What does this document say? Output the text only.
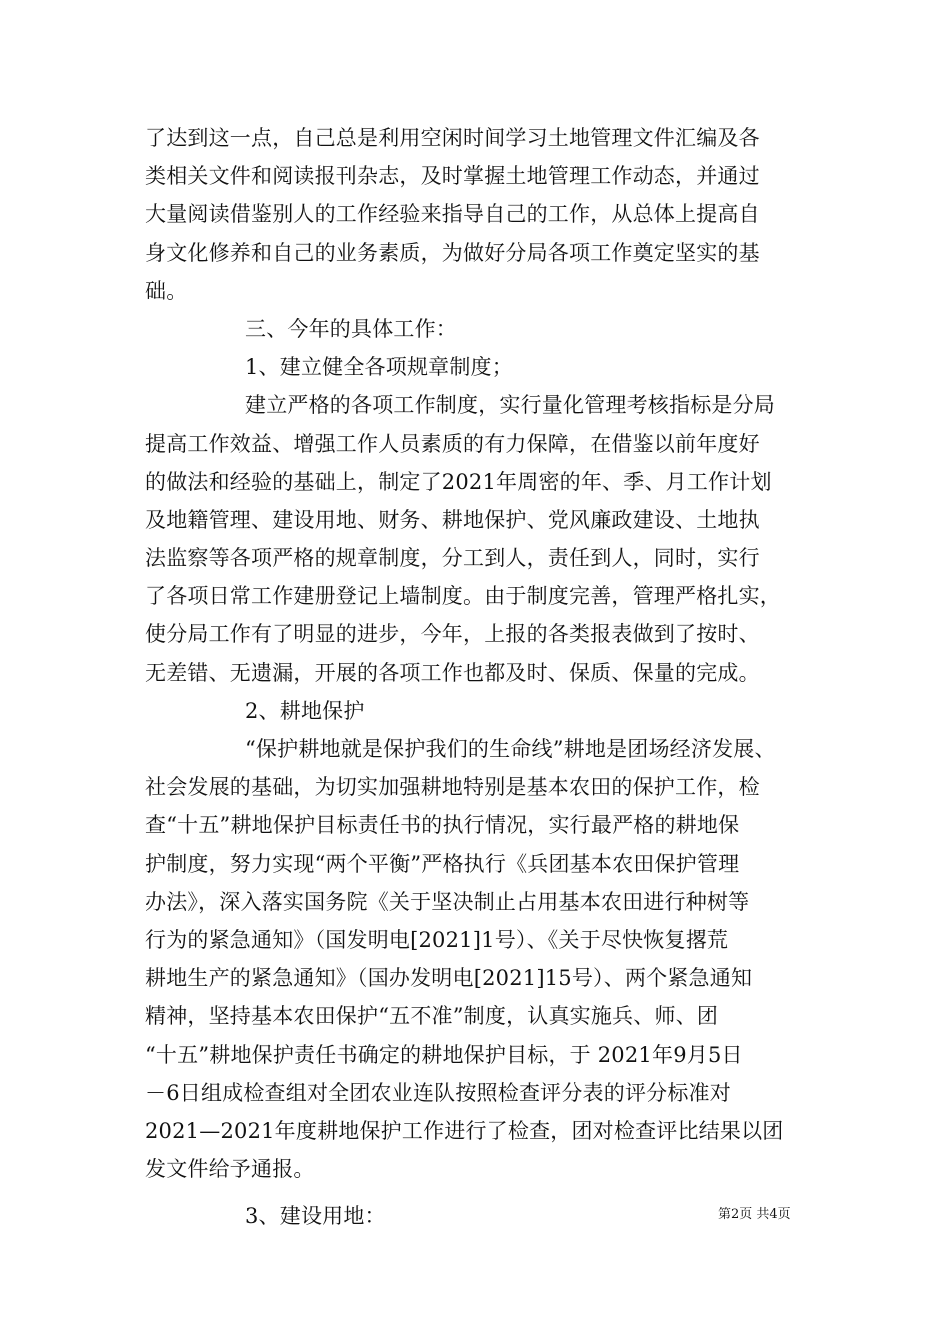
了达到这一点，自己总是利用空闲时间学习土地管理文件汇编及各
类相关文件和阅读报刊杂志，及时掌握土地管理工作动态，并通过
大量阅读借鉴别人的工作经验来指导自己的工作，从总体上提高自
身文化修养和自己的业务素质，为做好分局各项工作奠定坚实的基
础。
三、今年的具体工作：
1、建立健全各项规章制度；
建立严格的各项工作制度，实行量化管理考核指标是分局
提高工作效益、增强工作人员素质的有力保障，在借鉴以前年度好
的做法和经验的基础上，制定了2021年周密的年、季、月工作计划
及地籍管理、建设用地、财务、耕地保护、党风廉政建设、土地执
法监察等各项严格的规章制度，分工到人，责任到人，同时，实行
了各项日常工作建册登记上墙制度。由于制度完善，管理严格扎实，
使分局工作有了明显的进步，今年，上报的各类报表做到了按时、
无差错、无遗漏，开展的各项工作也都及时、保质、保量的完成。
2、耕地保护
“保护耕地就是保护我们的生命线”耕地是团场经济发展、
社会发展的基础，为切实加强耕地特别是基本农田的保护工作，检
查“十五”耕地保护目标责任书的执行情况，实行最严格的耕地保
护制度，努力实现“两个平衡”严格执行《兵团基本农田保护管理
办法》，深入落实国务院《关于坚决制止占用基本农田进行种树等
行为的紧急通知》（国发明电[2021]1号）、《关于尽快恢复撂荒
耕地生产的紧急通知》（国办发明电[2021]15号）、两个紧急通知
精神，坚持基本农田保护“五不准”制度，认真实施兵、师、团
“十五”耕地保护责任书确定的耕地保护目标，于 2021年9月5日
－6日组成检查组对全团农业连队按照检查评分表的评分标准对
2021—2021年度耕地保护工作进行了检查，团对检查评比结果以团
发文件给予通报。
3、建设用地：	第2页 共4页
